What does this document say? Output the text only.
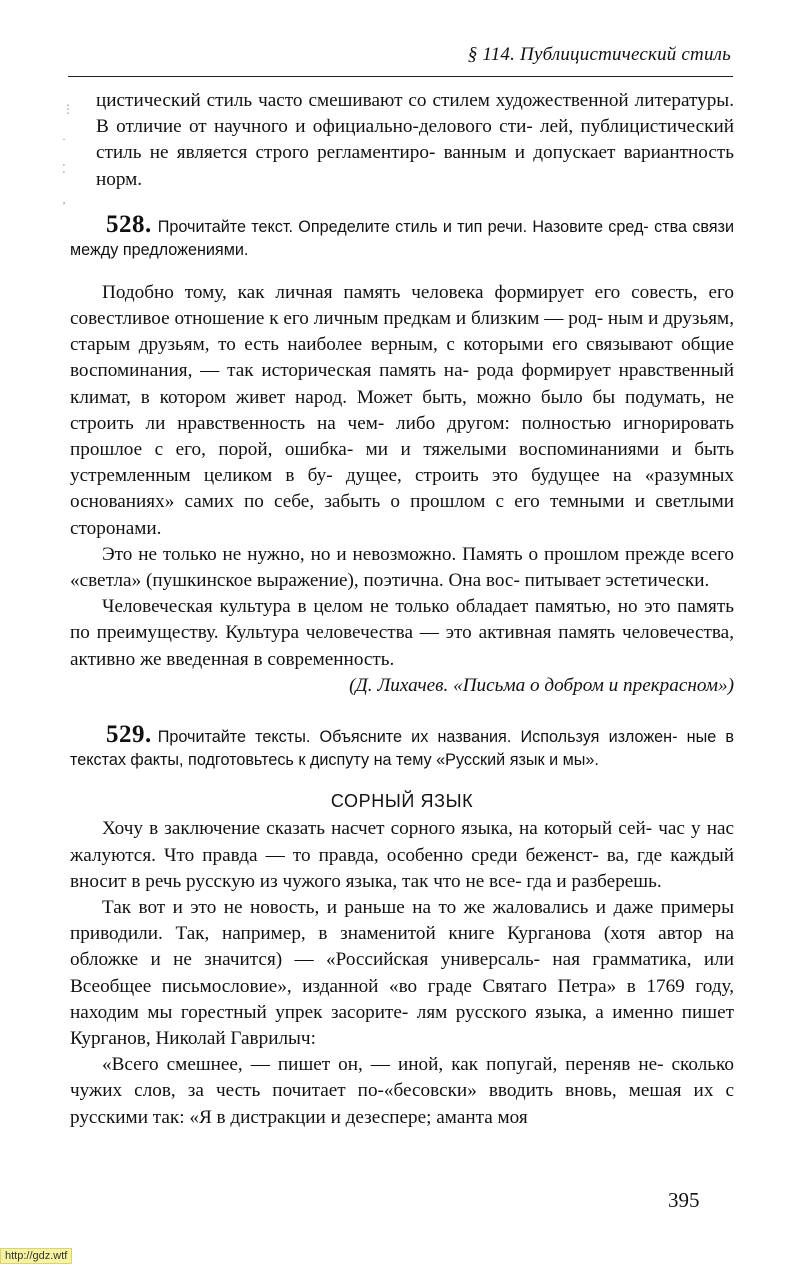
§ 114. Публицистический стиль
⋮
·
⁚
‚

цистический стиль часто смешивают со стилем художественной литературы. В отличие от научного и официально-делового сти- лей, публицистический стиль не является строго регламентиро- ванным и допускает вариантность норм.

528. Прочитайте текст. Определите стиль и тип речи. Назовите сред- ства связи между предложениями.

Подобно тому, как личная память человека формирует его совесть, его совестливое отношение к его личным предкам и близким — род- ным и друзьям, старым друзьям, то есть наиболее верным, с которыми его связывают общие воспоминания, — так историческая память на- рода формирует нравственный климат, в котором живет народ. Может быть, можно было бы подумать, не строить ли нравственность на чем- либо другом: полностью игнорировать прошлое с его, порой, ошибка- ми и тяжелыми воспоминаниями и быть устремленным целиком в бу- дущее, строить это будущее на «разумных основаниях» самих по себе, забыть о прошлом с его темными и светлыми сторонами.

Это не только не нужно, но и невозможно. Память о прошлом прежде всего «светла» (пушкинское выражение), поэтична. Она вос- питывает эстетически.

Человеческая культура в целом не только обладает памятью, но это память по преимуществу. Культура человечества — это активная память человечества, активно же введенная в современность.

(Д. Лихачев. «Письма о добром и прекрасном»)

529. Прочитайте тексты. Объясните их названия. Используя изложен- ные в текстах факты, подготовьтесь к диспуту на тему «Русский язык и мы».

СОРНЫЙ ЯЗЫК

Хочу в заключение сказать насчет сорного языка, на который сей- час у нас жалуются. Что правда — то правда, особенно среди беженст- ва, где каждый вносит в речь русскую из чужого языка, так что не все- гда и разберешь.

Так вот и это не новость, и раньше на то же жаловались и даже примеры приводили. Так, например, в знаменитой книге Курганова (хотя автор на обложке и не значится) — «Российская универсаль- ная грамматика, или Всеобщее письмословие», изданной «во граде Святаго Петра» в 1769 году, находим мы горестный упрек засорите- лям русского языка, а именно пишет Курганов, Николай Гаврилыч:

«Всего смешнее, — пишет он, — иной, как попугай, переняв не- сколько чужих слов, за честь почитает по-«бесовски» вводить вновь, мешая их с русскими так: «Я в дистракции и дезеспере; аманта моя

395
http://gdz.wtf
